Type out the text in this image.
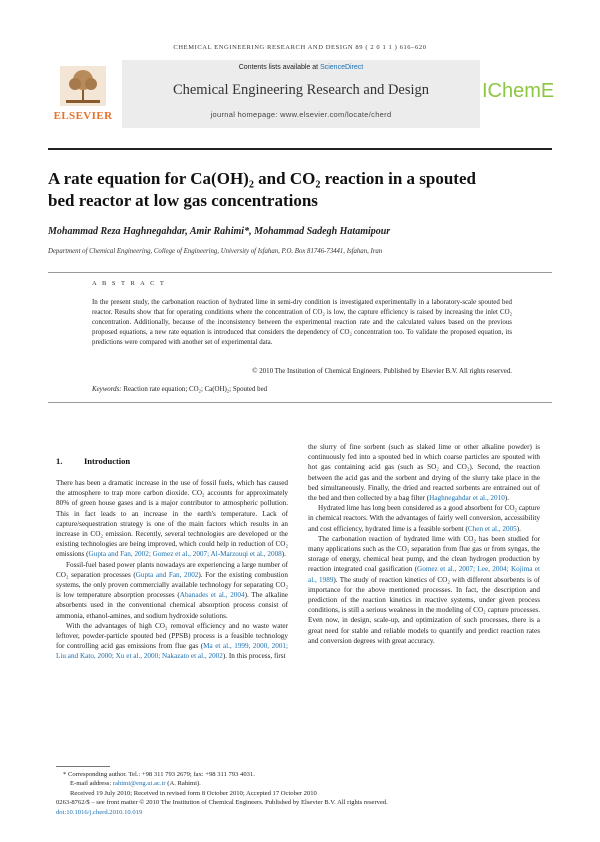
CHEMICAL ENGINEERING RESEARCH AND DESIGN 89 ( 2 0 1 1 ) 616–620
ELSEVIER
Contents lists available at ScienceDirect
Chemical Engineering Research and Design
journal homepage: www.elsevier.com/locate/cherd
IChemE
A rate equation for Ca(OH)₂ and CO₂ reaction in a spouted
bed reactor at low gas concentrations
Mohammad Reza Haghnegahdar, Amir Rahimi*, Mohammad Sadegh Hatamipour
Department of Chemical Engineering, College of Engineering, University of Isfahan, P.O. Box 81746-73441, Isfahan, Iran
A B S T R A C T
In the present study, the carbonation reaction of hydrated lime in semi-dry condition is investigated experimentally in a laboratory-scale spouted bed reactor. Results show that for operating conditions where the concentration of CO₂ is low, the capture efficiency is raised by increasing the inlet CO₂ concentration. Additionally, because of the inconsistency between the experimental reaction rate and the calculated values based on the previous proposed equations, a new rate equation is introduced that considers the dependency of CO₂ concentration too. To validate the proposed equation, its predictions were compared with another set of experimental data.
© 2010 The Institution of Chemical Engineers. Published by Elsevier B.V. All rights reserved.
Keywords: Reaction rate equation; CO₂; Ca(OH)₂; Spouted bed
1.	Introduction

There has been a dramatic increase in the use of fossil fuels, which has caused the atmosphere to trap more carbon dioxide. CO₂ accounts for approximately 80% of green house gases and is a major contributor to atmospheric pollution. This in fact leads to an increase in the earth's temperature. Lack of capture/sequestration strategy is one of the main factors which results in an increase in CO₂ emission. Recently, several technologies are developed or the existing technologies are being improved, which could help in reduction of CO₂ emissions (Gupta and Fan, 2002; Gomez et al., 2007; Al-Marzouqi et al., 2008).

Fossil-fuel based power plants nowadays are experiencing a large number of CO₂ separation processes (Gupta and Fan, 2002). For the existing combustion systems, the only proven commercially available technology for separating CO₂ is low temperature absorption processes (Abanades et al., 2004). The alkaline absorbents used in the conventional chemical absorption process consist of ammonia, ethanol-amines, and sodium hydroxide solutions.

With the advantages of high CO₂ removal efficiency and no waste water leftover, powder-particle spouted bed (PPSB) process is a feasible technology for controlling acid gas emissions from flue gas (Ma et al., 1999, 2000, 2001; Liu and Kato, 2000; Xu et al., 2000; Nakazato et al., 2002). In this process, first

the slurry of fine sorbent (such as slaked lime or other alkaline powder) is continuously fed into a spouted bed in which coarse particles are spouted with hot gas containing acid gas (such as SO₂ and CO₂). Second, the reaction between the acid gas and the sorbent and drying of the slurry take place in the bed simultaneously. Finally, the dried and reacted sorbents are entrained out of the bed and then collected by a bag filter (Haghnegahdar et al., 2010).

Hydrated lime has long been considered as a good absorbent for CO₂ capture in chemical reactors. With the advantages of fairly well conversion, accessibility and cost efficiency, hydrated lime is a feasible sorbent (Chen et al., 2005).

The carbonation reaction of hydrated lime with CO₂ has been studied for many applications such as the CO₂ separation from flue gas or from syngas, the storage of energy, chemical heat pump, and the clean hydrogen production by reaction integrated coal gasification (Gomez et al., 2007; Lee, 2004; Kojima et al., 1989). The study of reaction kinetics of CO₂ with different absorbents is of importance for the above mentioned processes. In fact, the description and prediction of the reaction kinetics in reactive systems, under given process conditions, is still a serious weakness in the modeling of CO₂ capture processes. Even now, in design, scale-up, and optimization of such processes, there is a great need for stable and reliable models to quantify and predict reaction rates and conversion degrees with great accuracy.

* Corresponding author. Tel.: +98 311 793 2679; fax: +98 311 793 4031.
E-mail address: rahimi@eng.ui.ac.ir (A. Rahimi).
Received 19 July 2010; Received in revised form 8 October 2010; Accepted 17 October 2010
0263-8762/$ – see front matter © 2010 The Institution of Chemical Engineers. Published by Elsevier B.V. All rights reserved.
doi:10.1016/j.cherd.2010.10.019
